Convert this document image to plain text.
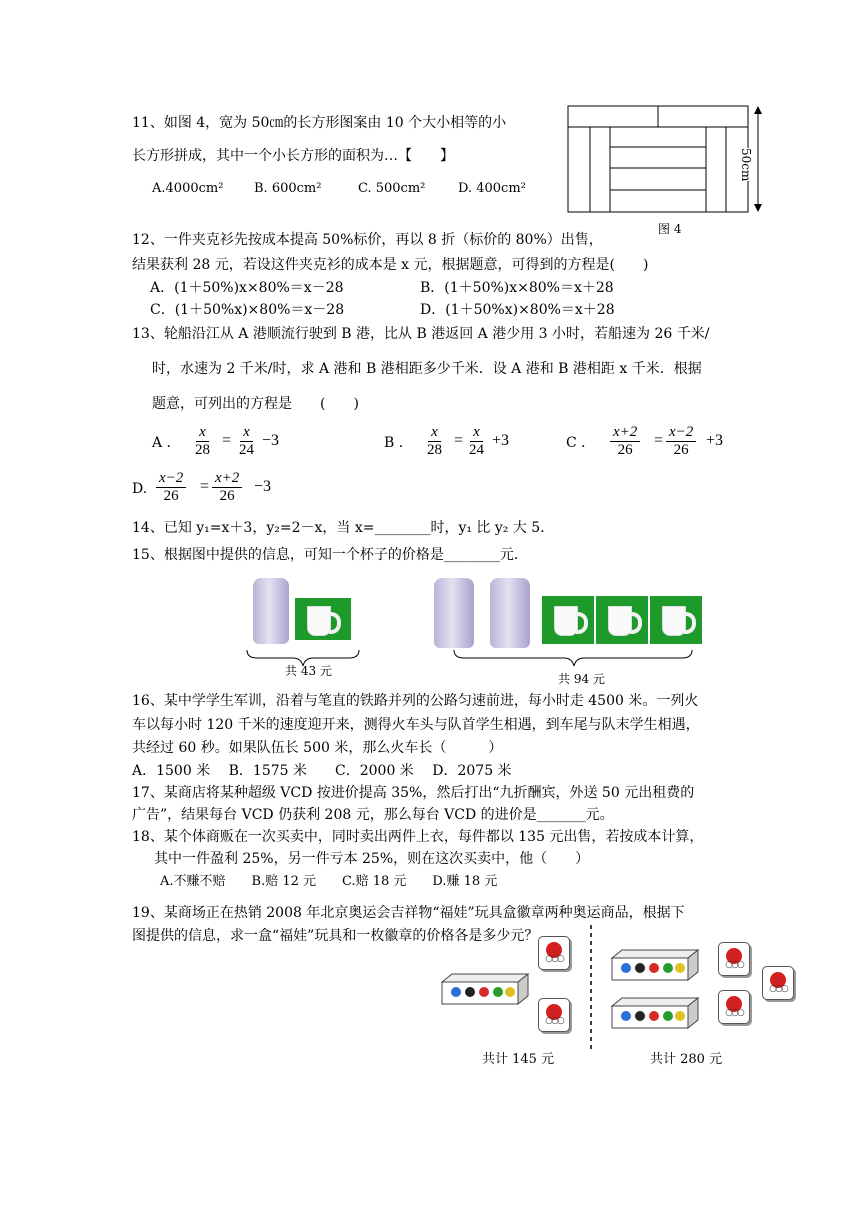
11、如图 4，宽为 50㎝的长方形图案由 10 个大小相等的小
长方形拼成，其中一个小长方形的面积为…【　　】
A.4000cm² B. 600cm²	C. 500cm²	D. 400cm²
50cm
图 4
12、一件夹克衫先按成本提高 50%标价，再以 8 折（标价的 80%）出售，
结果获利 28 元，若设这件夹克衫的成本是 x 元，根据题意，可得到的方程是(　　)
A．(1＋50%)x×80%＝x－28	B．(1＋50%)x×80%＝x＋28
C．(1＋50%x)×80%＝x－28	D．(1＋50%x)×80%＝x＋28
13、轮船沿江从 A 港顺流行驶到 B 港，比从 B 港返回 A 港少用 3 小时，若船速为 26 千米/
时，水速为 2 千米/时，求 A 港和 B 港相距多少千米．设 A 港和 B 港相距 x 千米．根据
题意，可列出的方程是　　(　　)
A ． $\frac{x}{28} = \frac{x}{24} -3$	B ． $\frac{x}{28} = \frac{x}{24} +3$	C ． $\frac{x+2}{26} = \frac{x-2}{26} +3$
D. $\frac{x-2}{26} = \frac{x+2}{26} -3$
14、已知 y₁=x＋3，y₂=2－x，当 x=________时，y₁ 比 y₂ 大 5．
15、根据图中提供的信息，可知一个杯子的价格是________元．
共 43 元
共 94 元
16、某中学学生军训，沿着与笔直的铁路并列的公路匀速前进，每小时走 4500 米。一列火
车以每小时 120 千米的速度迎开来，测得火车头与队首学生相遇，到车尾与队末学生相遇，
共经过 60 秒。如果队伍长 500 米，那么火车长（　　　）
A．1500 米　 B．1575 米　　C．2000 米　 D．2075 米
17、某商店将某种超级 VCD 按进价提高 35%，然后打出“九折酬宾，外送 50 元出租费的
广告”，结果每台 VCD 仍获利 208 元，那么每台 VCD 的进价是_______元。
18、某个体商贩在一次买卖中，同时卖出两件上衣，每件都以 135 元出售，若按成本计算，
其中一件盈利 25%，另一件亏本 25%，则在这次买卖中，他（　　）
A.不赚不赔　　B.赔 12 元　　C.赔 18 元　　D.赚 18 元
19、某商场正在热销 2008 年北京奥运会吉祥物“福娃”玩具盒徽章两种奥运商品，根据下
图提供的信息，求一盒“福娃”玩具和一枚徽章的价格各是多少元？
○○○
○○○
○○○
○○○
○○○
共计 145 元	共计 280 元
